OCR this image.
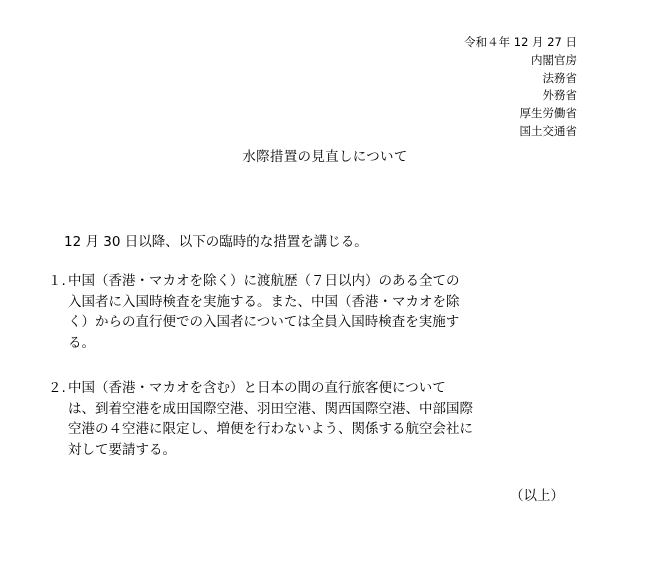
令和４年 12 月 27 日
内閣官房
法務省
外務省
厚生労働省
国土交通省
水際措置の見直しについて
12 月 30 日以降、以下の臨時的な措置を講じる。
１. 中国（香港・マカオを除く）に渡航歴（７日以内）のある全ての
入国者に入国時検査を実施する。また、中国（香港・マカオを除
く）からの直行便での入国者については全員入国時検査を実施す
る。
２. 中国（香港・マカオを含む）と日本の間の直行旅客便について
は、到着空港を成田国際空港、羽田空港、関西国際空港、中部国際
空港の４空港に限定し、増便を行わないよう、関係する航空会社に
対して要請する。
（以上）
